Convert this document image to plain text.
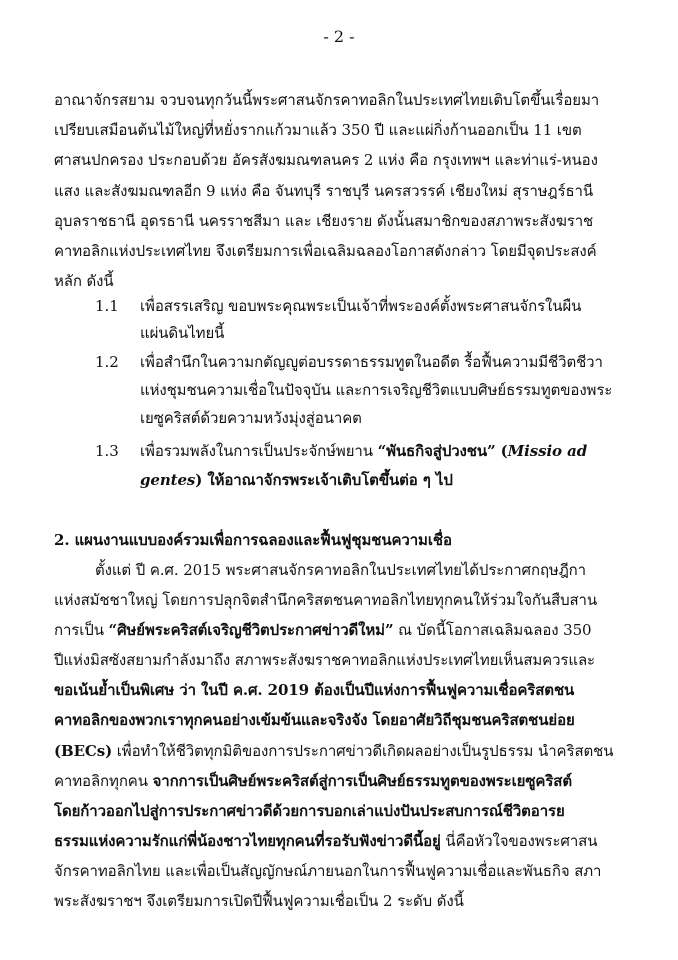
- 2 -
อาณาจักรสยาม จวบจนทุกวันนี้พระศาสนจักรคาทอลิกในประเทศไทยเติบโตขึ้นเรื่อยมา
เปรียบเสมือนต้นไม้ใหญ่ที่หยั่งรากแก้วมาแล้ว 350 ปี และแผ่กิ่งก้านออกเป็น 11 เขต
ศาสนปกครอง ประกอบด้วย อัครสังฆมณฑลนคร 2 แห่ง คือ กรุงเทพฯ และท่าแร่-หนอง
แสง และสังฆมณฑลอีก 9 แห่ง คือ จันทบุรี ราชบุรี นครสวรรค์ เชียงใหม่ สุราษฎร์ธานี
อุบลราชธานี อุดรธานี นครราชสีมา และ เชียงราย ดังนั้นสมาชิกของสภาพระสังฆราช
คาทอลิกแห่งประเทศไทย จึงเตรียมการเพื่อเฉลิมฉลองโอกาสดังกล่าว โดยมีจุดประสงค์
หลัก ดังนี้
1.1 เพื่อสรรเสริญ ขอบพระคุณพระเป็นเจ้าที่พระองค์ตั้งพระศาสนจักรในผืน
แผ่นดินไทยนี้
1.2 เพื่อสำนึกในความกตัญญูต่อบรรดาธรรมทูตในอดีต รื้อฟื้นความมีชีวิตชีวา
แห่งชุมชนความเชื่อในปัจจุบัน และการเจริญชีวิตแบบศิษย์ธรรมทูตของพระ
เยซูคริสต์ด้วยความหวังมุ่งสู่อนาคต
1.3 เพื่อรวมพลังในการเป็นประจักษ์พยาน “พันธกิจสู่ปวงชน” (Missio ad
gentes) ให้อาณาจักรพระเจ้าเติบโตขึ้นต่อ ๆ ไป
2. แผนงานแบบองค์รวมเพื่อการฉลองและฟื้นฟูชุมชนความเชื่อ
ตั้งแต่ ปี ค.ศ. 2015 พระศาสนจักรคาทอลิกในประเทศไทยได้ประกาศกฤษฎีกา
แห่งสมัชชาใหญ่ โดยการปลุกจิตสำนึกคริสตชนคาทอลิกไทยทุกคนให้ร่วมใจกันสืบสาน
การเป็น “ศิษย์พระคริสต์เจริญชีวิตประกาศข่าวดีใหม่” ณ บัดนี้โอกาสเฉลิมฉลอง 350
ปีแห่งมิสซังสยามกำลังมาถึง สภาพระสังฆราชคาทอลิกแห่งประเทศไทยเห็นสมควรและ
ขอเน้นย้ำเป็นพิเศษ ว่า ในปี ค.ศ. 2019 ต้องเป็นปีแห่งการฟื้นฟูความเชื่อคริสตชน
คาทอลิกของพวกเราทุกคนอย่างเข้มข้นและจริงจัง โดยอาศัยวิถีชุมชนคริสตชนย่อย
(BECs) เพื่อทำให้ชีวิตทุกมิติของการประกาศข่าวดีเกิดผลอย่างเป็นรูปธรรม นำคริสตชน
คาทอลิกทุกคน จากการเป็นศิษย์พระคริสต์สู่การเป็นศิษย์ธรรมทูตของพระเยซูคริสต์
โดยก้าวออกไปสู่การประกาศข่าวดีด้วยการบอกเล่าแบ่งปันประสบการณ์ชีวิตอารย
ธรรมแห่งความรักแก่พี่น้องชาวไทยทุกคนที่รอรับฟังข่าวดีนี้อยู่ นี่คือหัวใจของพระศาสน
จักรคาทอลิกไทย และเพื่อเป็นสัญญักษณ์ภายนอกในการฟื้นฟูความเชื่อและพันธกิจ สภา
พระสังฆราชฯ จึงเตรียมการเปิดปีฟื้นฟูความเชื่อเป็น 2 ระดับ ดังนี้
